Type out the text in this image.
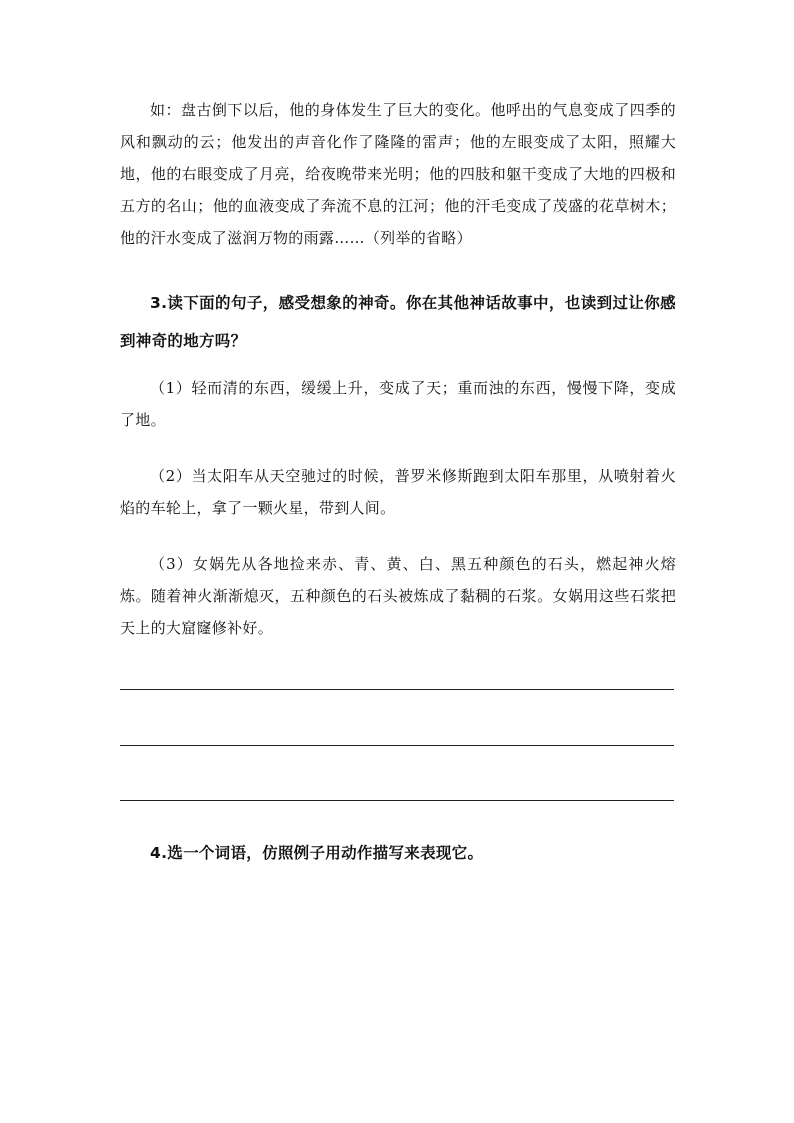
如：盘古倒下以后，他的身体发生了巨大的变化。他呼出的气息变成了四季的风和飘动的云；他发出的声音化作了隆隆的雷声；他的左眼变成了太阳，照耀大地，他的右眼变成了月亮，给夜晚带来光明；他的四肢和躯干变成了大地的四极和五方的名山；他的血液变成了奔流不息的江河；他的汗毛变成了茂盛的花草树木；他的汗水变成了滋润万物的雨露……（列举的省略）

3.读下面的句子，感受想象的神奇。你在其他神话故事中，也读到过让你感到神奇的地方吗？

（1）轻而清的东西，缓缓上升，变成了天；重而浊的东西，慢慢下降，变成了地。

（2）当太阳车从天空驰过的时候，普罗米修斯跑到太阳车那里，从喷射着火焰的车轮上，拿了一颗火星，带到人间。

（3）女娲先从各地捡来赤、青、黄、白、黑五种颜色的石头，燃起神火熔炼。随着神火渐渐熄灭，五种颜色的石头被炼成了黏稠的石浆。女娲用这些石浆把天上的大窟窿修补好。

4.选一个词语，仿照例子用动作描写来表现它。
